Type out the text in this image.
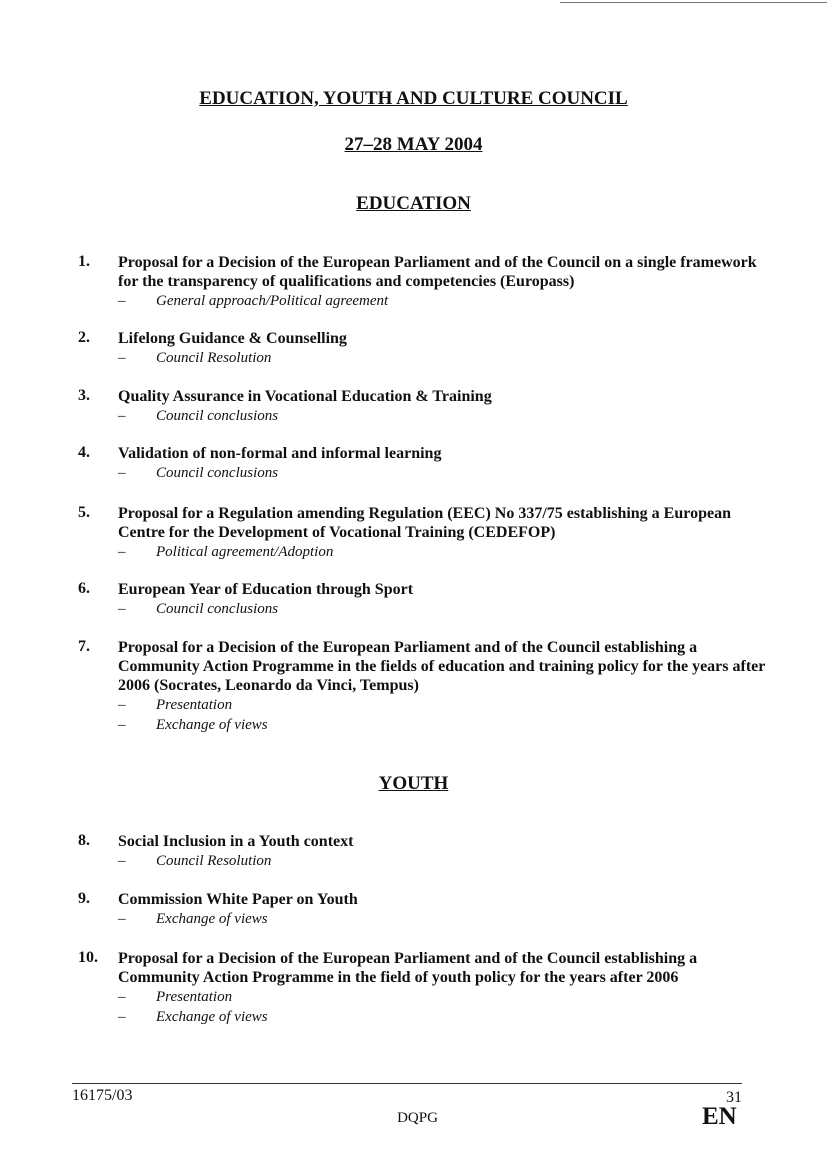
EDUCATION, YOUTH AND CULTURE COUNCIL
27–28 MAY 2004
EDUCATION
1. Proposal for a Decision of the European Parliament and of the Council on a single framework for the transparency of qualifications and competencies (Europass)
– General approach/Political agreement
2. Lifelong Guidance & Counselling
– Council Resolution
3. Quality Assurance in Vocational Education & Training
– Council conclusions
4. Validation of non-formal and informal learning
– Council conclusions
5. Proposal for a Regulation amending Regulation (EEC) No 337/75 establishing a European Centre for the Development of Vocational Training (CEDEFOP)
– Political agreement/Adoption
6. European Year of Education through Sport
– Council conclusions
7. Proposal for a Decision of the European Parliament and of the Council establishing a Community Action Programme in the fields of education and training policy for the years after 2006 (Socrates, Leonardo da Vinci, Tempus)
– Presentation
– Exchange of views
YOUTH
8. Social Inclusion in a Youth context
– Council Resolution
9. Commission White Paper on Youth
– Exchange of views
10. Proposal for a Decision of the European Parliament and of the Council establishing a Community Action Programme in the field of youth policy for the years after 2006
– Presentation
– Exchange of views
16175/03	31
DQPG	EN
